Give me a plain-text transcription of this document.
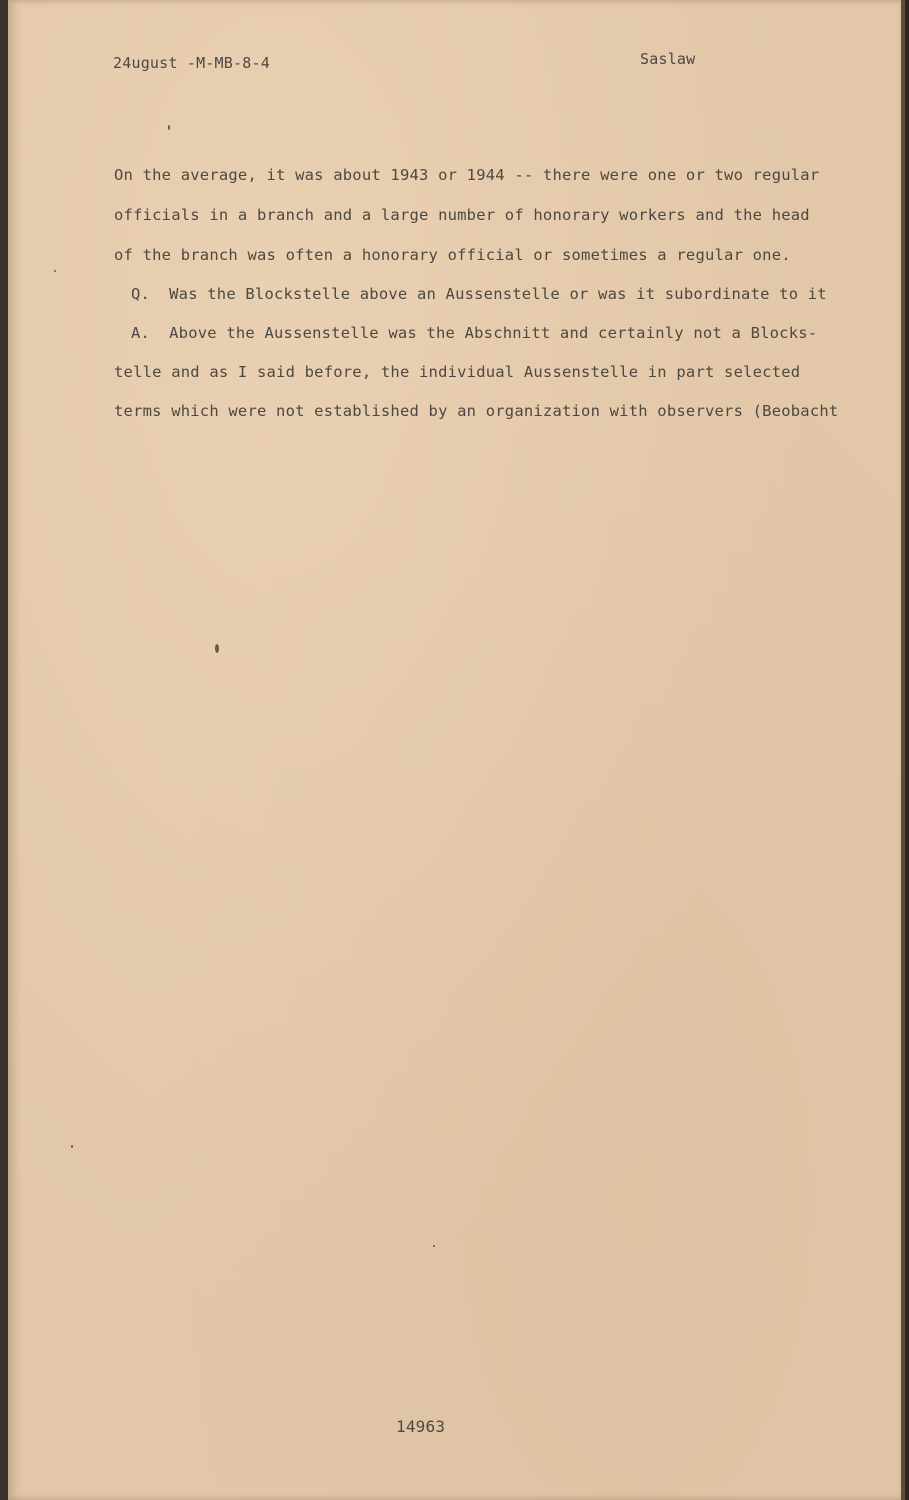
24ugust -M-MB-8-4	Saslaw
On the average, it was about 1943 or 1944 -- there were one or two regular
officials in a branch and a large number of honorary workers and the head
of the branch was often a honorary official or sometimes a regular one.
Q.  Was the Blockstelle above an Aussenstelle or was it subordinate to it
A.  Above the Aussenstelle was the Abschnitt and certainly not a Blocks-
telle and as I said before, the individual Aussenstelle in part selected
terms which were not established by an organization with observers (Beobacht
14963
